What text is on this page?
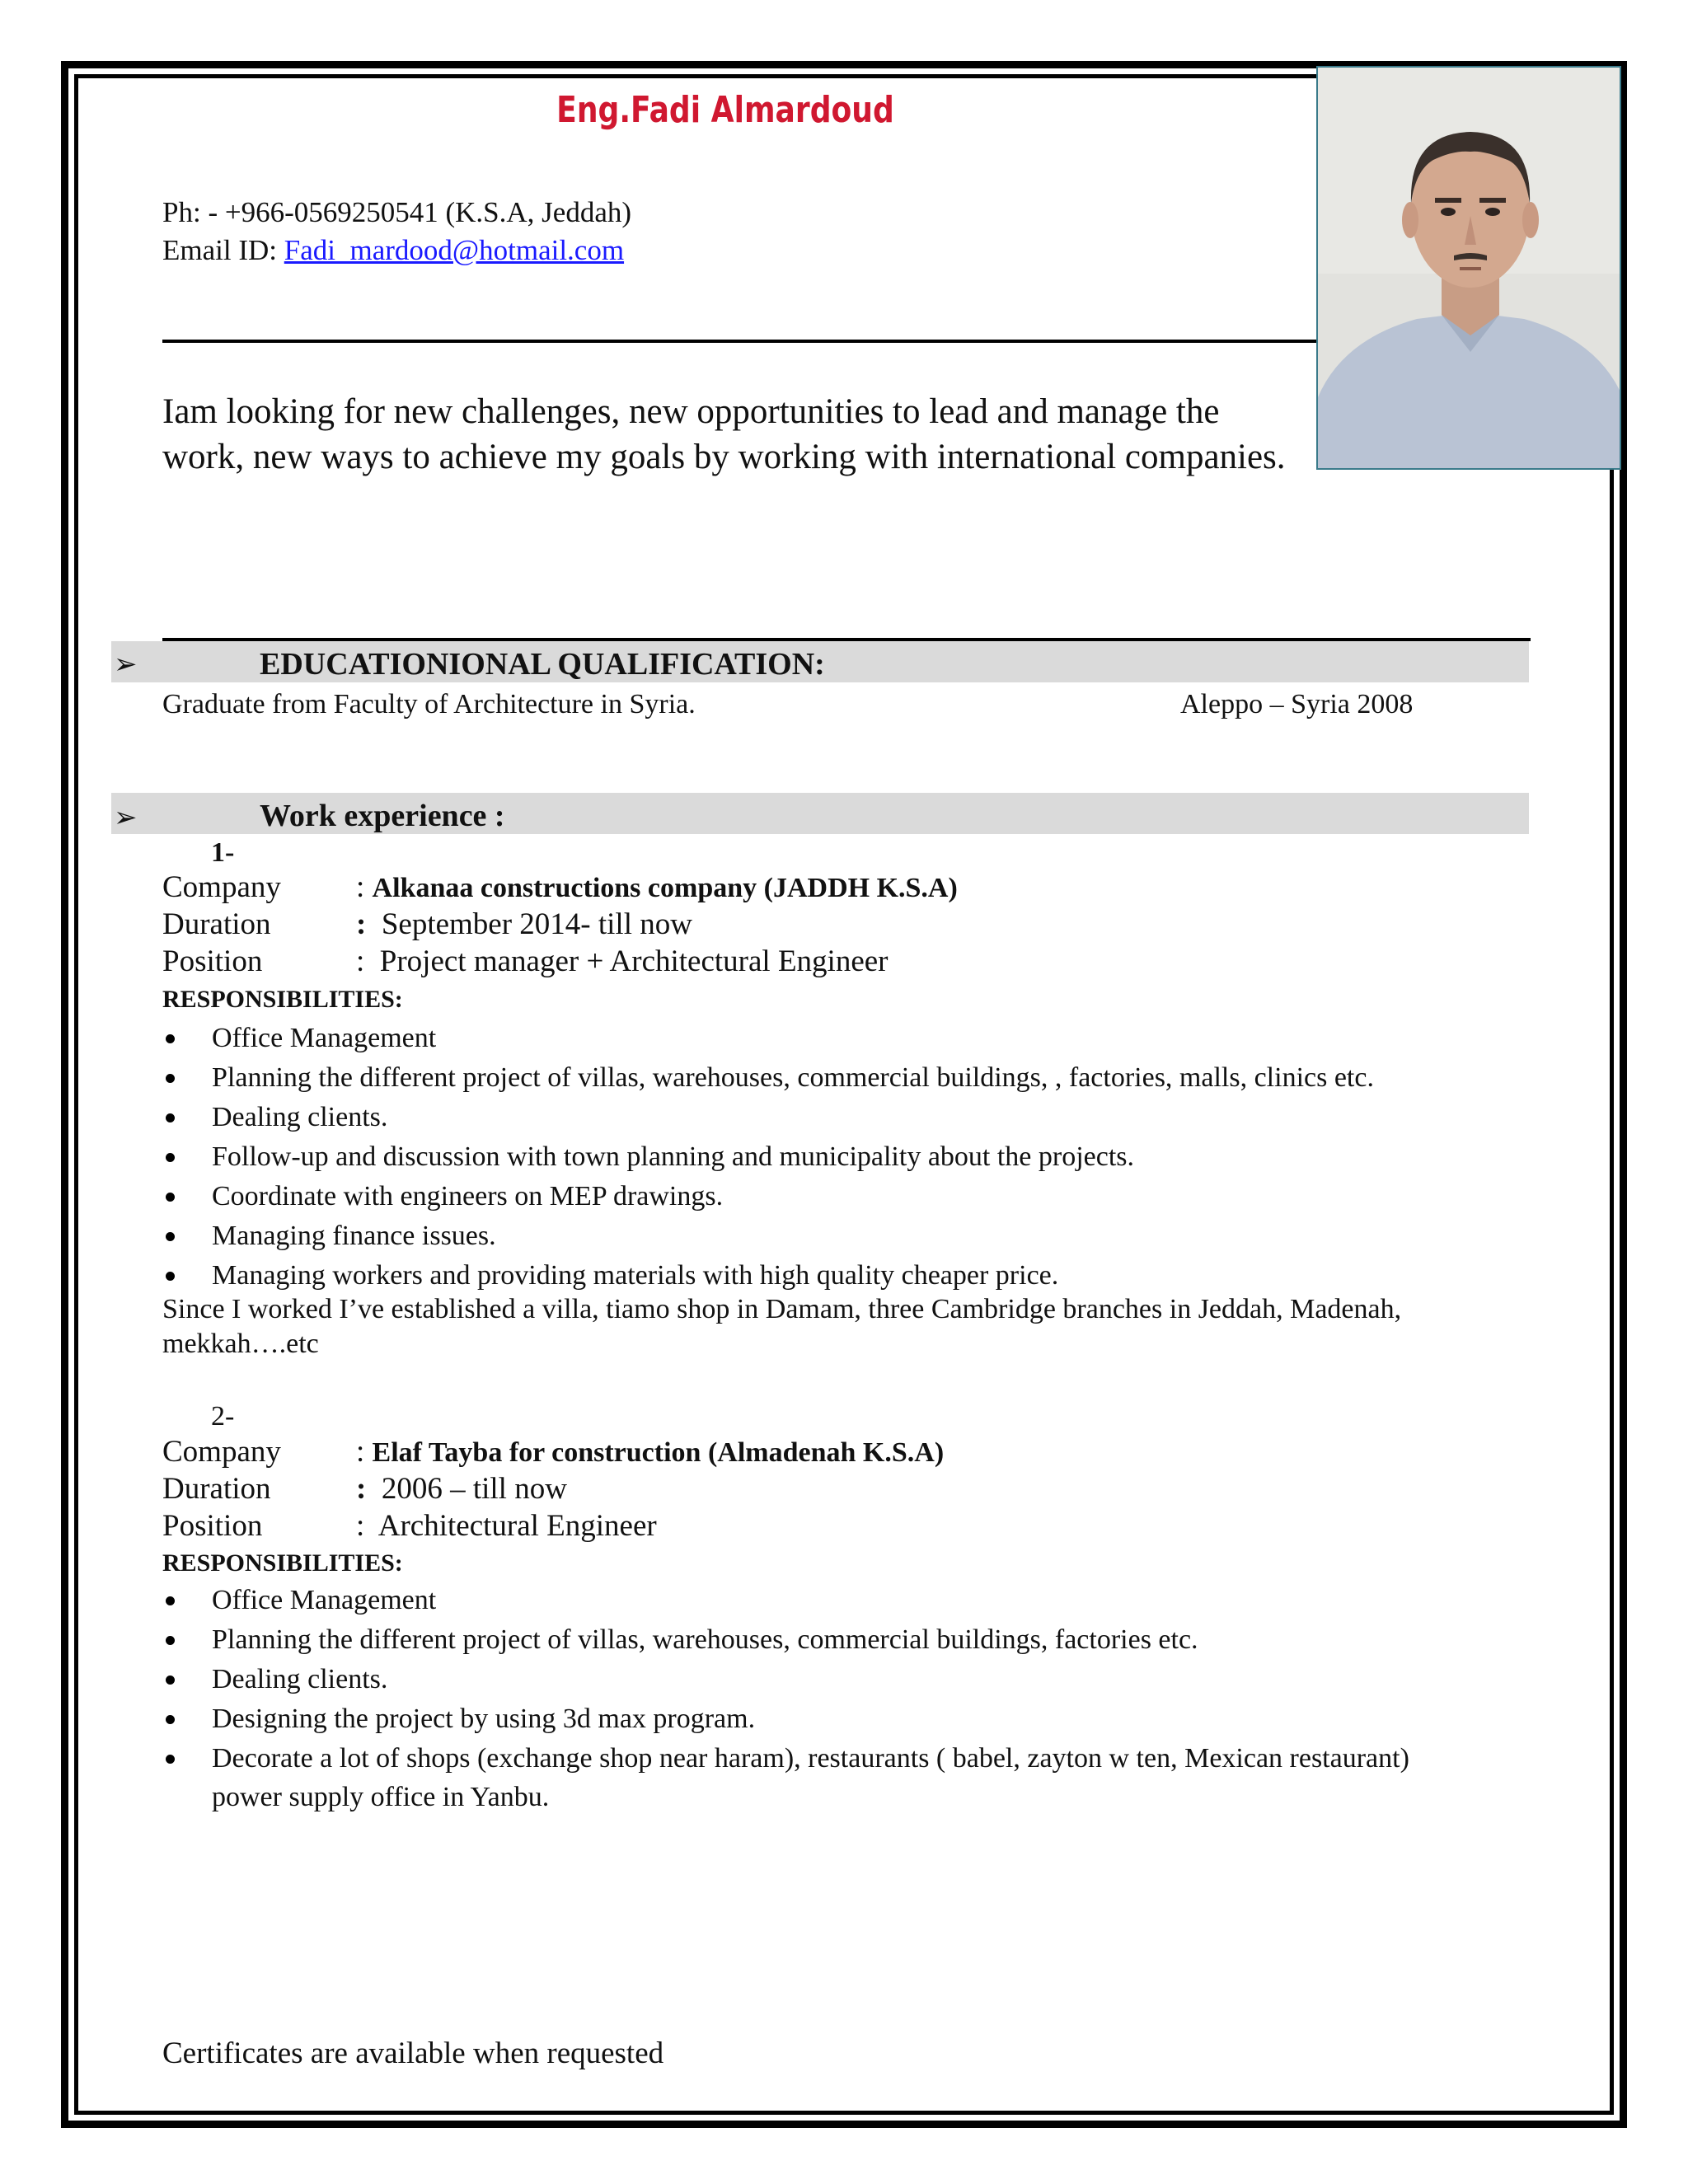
Eng.Fadi Almardoud
Ph: - +966-0569250541 (K.S.A, Jeddah)
Email ID: Fadi_mardood@hotmail.com
Iam looking for new challenges, new opportunities to lead and manage the work, new ways to achieve my goals by working with international companies.
➢	EDUCATIONIONAL QUALIFICATION:
Graduate from Faculty of Architecture in Syria.	Aleppo – Syria 2008
➢	Work experience :
1-
Company : Alkanaa constructions company (JADDH K.S.A)
Duration	: September 2014- till now
Position	:  Project manager + Architectural Engineer
RESPONSIBILITIES:
Office Management
Planning the different project of villas, warehouses, commercial buildings, , factories, malls, clinics etc.
Dealing clients.
Follow-up and discussion with town planning and municipality about the projects.
Coordinate with engineers on MEP drawings.
Managing finance issues.
Managing workers and providing materials with high quality cheaper price.
Since I worked I’ve established a villa, tiamo shop in Damam, three Cambridge branches in Jeddah, Madenah,
mekkah….etc
2-
Company : Elaf Tayba for construction (Almadenah K.S.A)
Duration	: 2006 – till now
Position	:  Architectural Engineer
RESPONSIBILITIES:
Office Management
Planning the different project of villas, warehouses, commercial buildings, factories etc.
Dealing clients.
Designing the project by using 3d max program.
Decorate a lot of shops (exchange shop near haram), restaurants ( babel, zayton w ten, Mexican restaurant)
power supply office in Yanbu.
Certificates are available when requested
